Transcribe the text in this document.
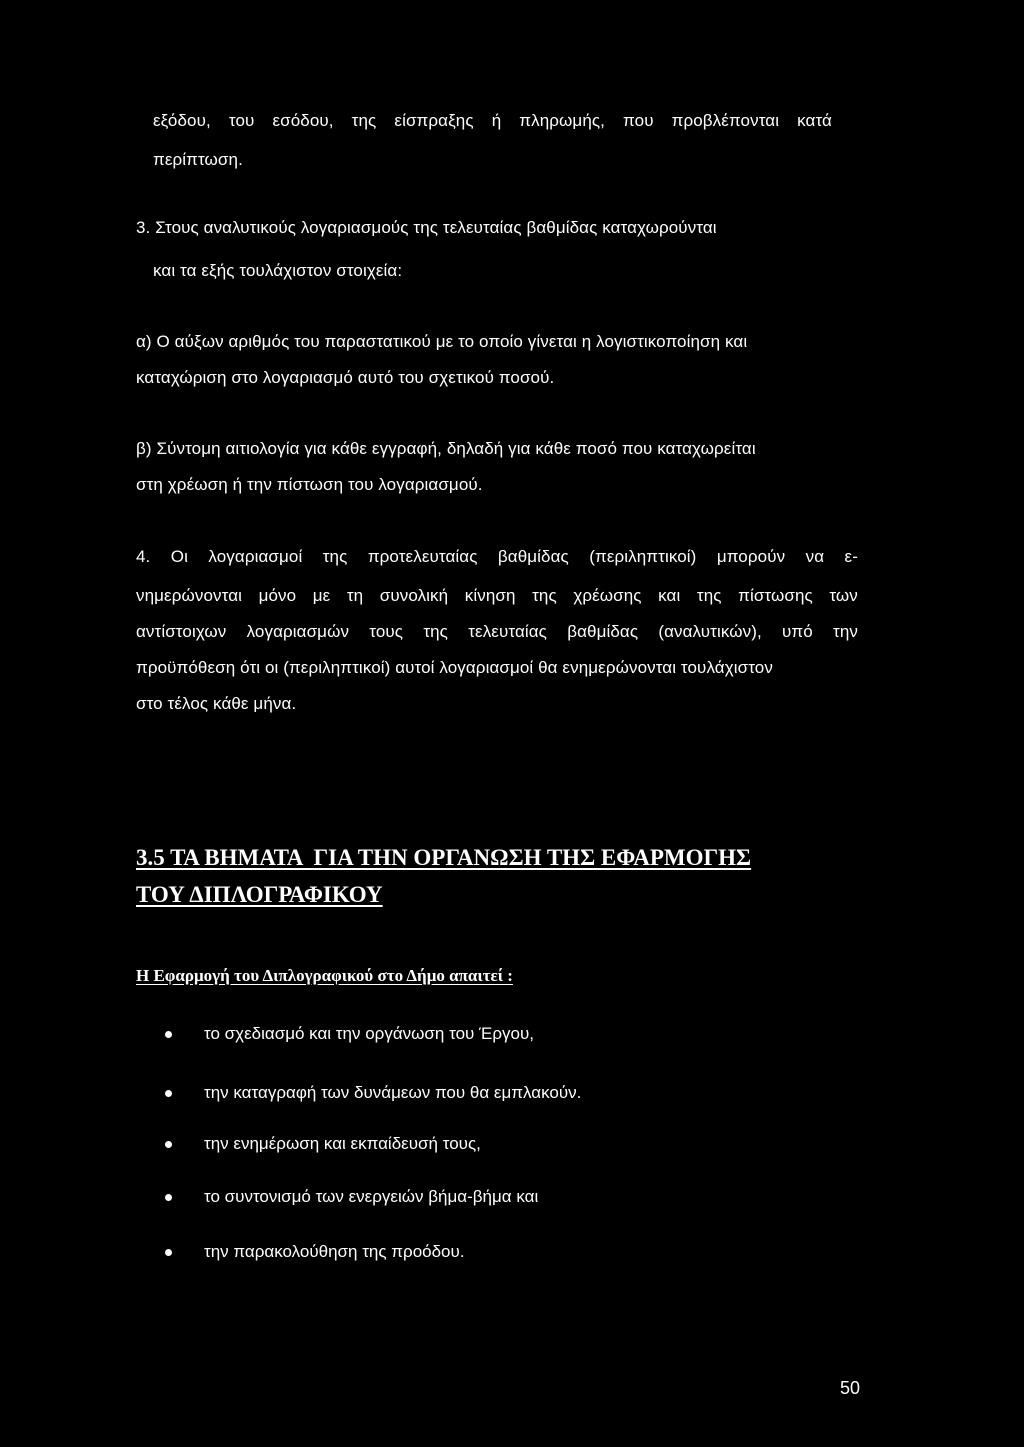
εξόδου, του εσόδου, της είσπραξης ή πληρωμής, που προβλέπονται κατά
περίπτωση.
3. Στους αναλυτικούς λογαριασμούς της τελευταίας βαθμίδας καταχωρούνται
και τα εξής τουλάχιστον στοιχεία:
α) Ο αύξων αριθμός του παραστατικού με το οποίο γίνεται η λογιστικοποίηση και
καταχώριση στο λογαριασμό αυτό του σχετικού ποσού.
β) Σύντομη αιτιολογία για κάθε εγγραφή, δηλαδή για κάθε ποσό που καταχωρείται
στη χρέωση ή την πίστωση του λογαριασμού.
4. Οι λογαριασμοί της προτελευταίας βαθμίδας (περιληπτικοί) μπορούν να ε-
νημερώνονται μόνο με τη συνολική κίνηση της χρέωσης και της πίστωσης των
αντίστοιχων λογαριασμών τους της τελευταίας βαθμίδας (αναλυτικών), υπό την
προϋπόθεση ότι οι (περιληπτικοί) αυτοί λογαριασμοί θα ενημερώνονται τουλάχιστον
στο τέλος κάθε μήνα.
3.5 ΤΑ ΒΗΜΑΤΑ  ΓΙΑ ΤΗΝ ΟΡΓΑΝΩΣΗ ΤΗΣ ΕΦΑΡΜΟΓΗΣ
ΤΟΥ ΔΙΠΛΟΓΡΑΦΙΚΟΥ
Η Εφαρμογή του Διπλογραφικού στο Δήμο απαιτεί :
το σχεδιασμό και την οργάνωση του Έργου,
την καταγραφή των δυνάμεων που θα εμπλακούν.
την ενημέρωση και εκπαίδευσή τους,
το συντονισμό των ενεργειών βήμα-βήμα και
την παρακολούθηση της προόδου.
50
